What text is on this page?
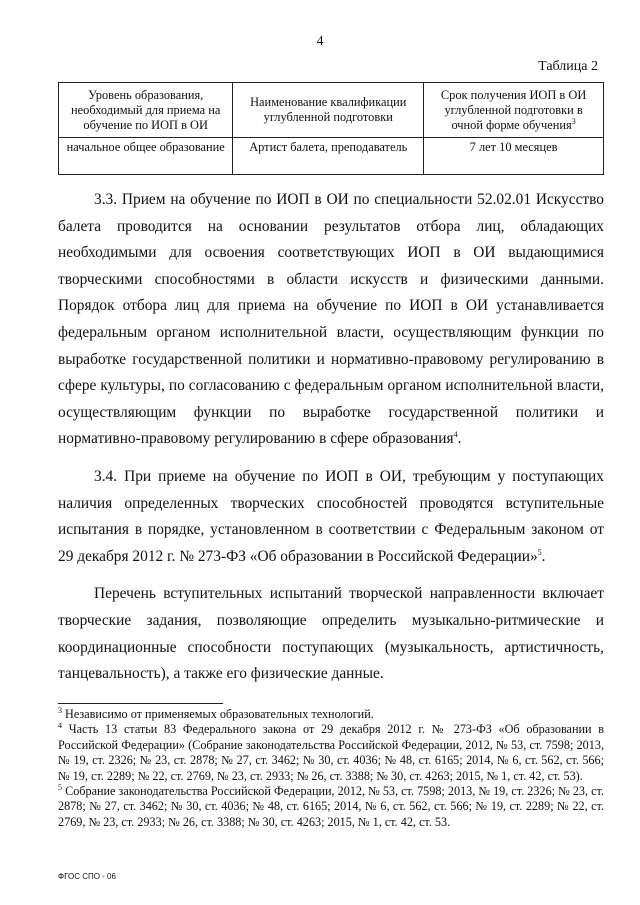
4
Таблица 2
Уровень образования, необходимый для приема на обучение по ИОП в ОИ	Наименование квалификации углубленной подготовки	Срок получения ИОП в ОИ углубленной подготовки в очной форме обучения$^3$
начальное общее образование	Артист балета, преподаватель	7 лет 10 месяцев

3.3. Прием на обучение по ИОП в ОИ по специальности 52.02.01 Искусство балета проводится на основании результатов отбора лиц, обладающих необходимыми для освоения соответствующих ИОП в ОИ выдающимися творческими способностями в области искусств и физическими данными. Порядок отбора лиц для приема на обучение по ИОП в ОИ устанавливается федеральным органом исполнительной власти, осуществляющим функции по выработке государственной политики и нормативно-правовому регулированию в сфере культуры, по согласованию с федеральным органом исполнительной власти, осуществляющим функции по выработке государственной политики и нормативно-правовому регулированию в сфере образования$^4$.

3.4. При приеме на обучение по ИОП в ОИ, требующим у поступающих наличия определенных творческих способностей проводятся вступительные испытания в порядке, установленном в соответствии с Федеральным законом от 29 декабря 2012 г. № 273-ФЗ «Об образовании в Российской Федерации»$^5$.

Перечень вступительных испытаний творческой направленности включает творческие задания, позволяющие определить музыкально-ритмические и координационные способности поступающих (музыкальность, артистичность, танцевальность), а также его физические данные.

$^3$ Независимо от применяемых образовательных технологий.

$^4$ Часть 13 статьи 83 Федерального закона от 29 декабря 2012 г. № 273-ФЗ «Об образовании в Российской Федерации» (Собрание законодательства Российской Федерации, 2012, № 53, ст. 7598; 2013, № 19, ст. 2326; № 23, ст. 2878; № 27, ст. 3462; № 30, ст. 4036; № 48, ст. 6165; 2014, № 6, ст. 562, ст. 566; № 19, ст. 2289; № 22, ст. 2769, № 23, ст. 2933; № 26, ст. 3388; № 30, ст. 4263; 2015, № 1, ст. 42, ст. 53).

$^5$ Собрание законодательства Российской Федерации, 2012, № 53, ст. 7598; 2013, № 19, ст. 2326; № 23, ст. 2878; № 27, ст. 3462; № 30, ст. 4036; № 48, ст. 6165; 2014, № 6, ст. 562, ст. 566; № 19, ст. 2289; № 22, ст. 2769, № 23, ст. 2933; № 26, ст. 3388; № 30, ст. 4263; 2015, № 1, ст. 42, ст. 53.

ФГОС СПО - 06
